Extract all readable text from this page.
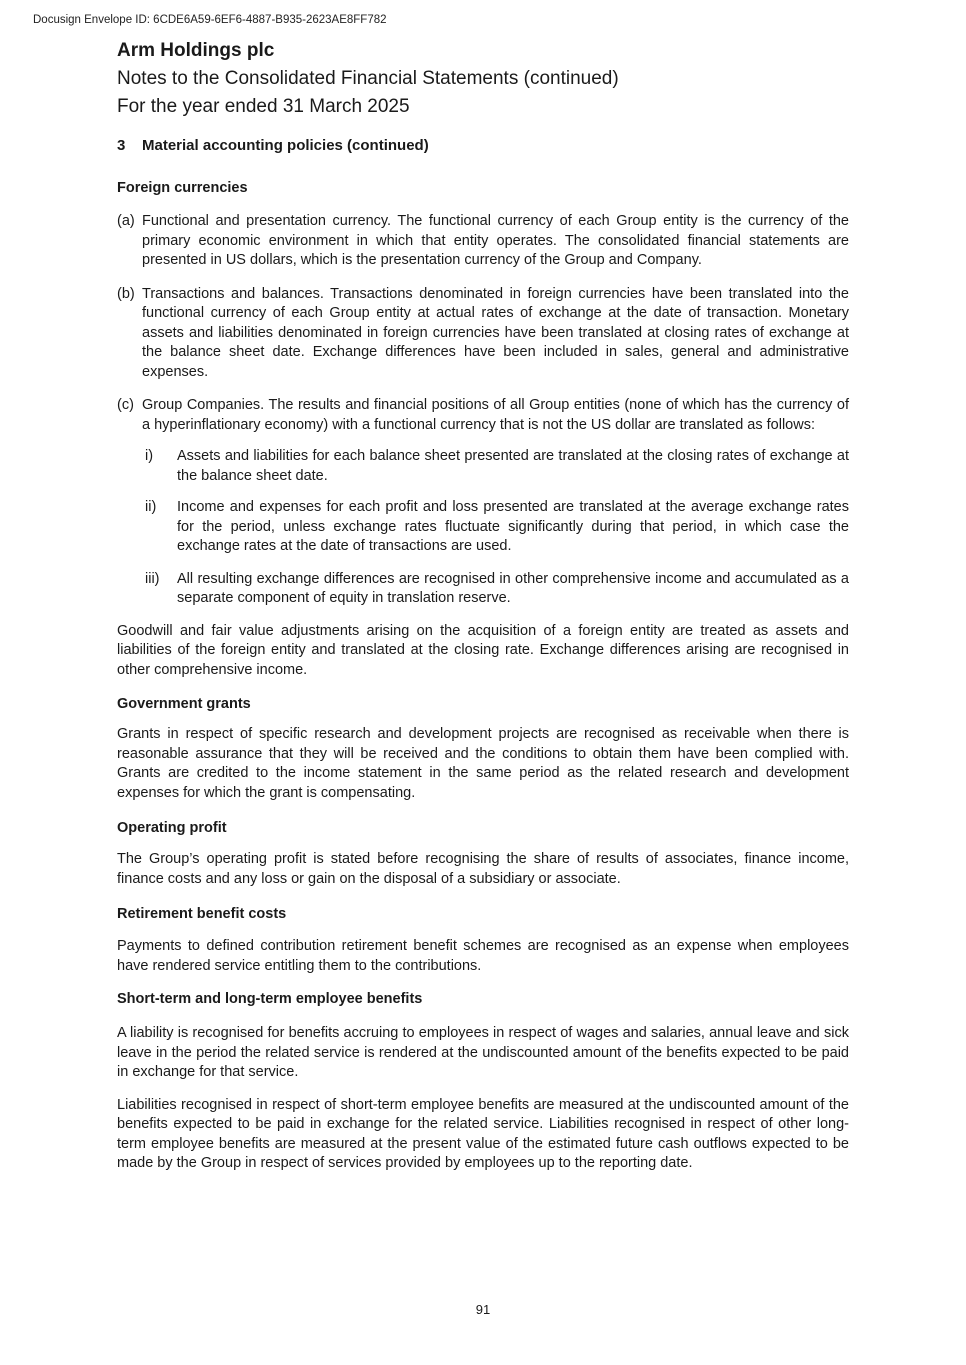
Docusign Envelope ID: 6CDE6A59-6EF6-4887-B935-2623AE8FF782
Arm Holdings plc
Notes to the Consolidated Financial Statements (continued)
For the year ended 31 March 2025
3	Material accounting policies (continued)
Foreign currencies
(a) Functional and presentation currency. The functional currency of each Group entity is the currency of the primary economic environment in which that entity operates. The consolidated financial statements are presented in US dollars, which is the presentation currency of the Group and Company.
(b) Transactions and balances. Transactions denominated in foreign currencies have been translated into the functional currency of each Group entity at actual rates of exchange at the date of transaction. Monetary assets and liabilities denominated in foreign currencies have been translated at closing rates of exchange at the balance sheet date. Exchange differences have been included in sales, general and administrative expenses.
(c) Group Companies. The results and financial positions of all Group entities (none of which has the currency of a hyperinflationary economy) with a functional currency that is not the US dollar are translated as follows:
i) Assets and liabilities for each balance sheet presented are translated at the closing rates of exchange at the balance sheet date.
ii) Income and expenses for each profit and loss presented are translated at the average exchange rates for the period, unless exchange rates fluctuate significantly during that period, in which case the exchange rates at the date of transactions are used.
iii) All resulting exchange differences are recognised in other comprehensive income and accumulated as a separate component of equity in translation reserve.
Goodwill and fair value adjustments arising on the acquisition of a foreign entity are treated as assets and liabilities of the foreign entity and translated at the closing rate. Exchange differences arising are recognised in other comprehensive income.
Government grants
Grants in respect of specific research and development projects are recognised as receivable when there is reasonable assurance that they will be received and the conditions to obtain them have been complied with. Grants are credited to the income statement in the same period as the related research and development expenses for which the grant is compensating.
Operating profit
The Group’s operating profit is stated before recognising the share of results of associates, finance income, finance costs and any loss or gain on the disposal of a subsidiary or associate.
Retirement benefit costs
Payments to defined contribution retirement benefit schemes are recognised as an expense when employees have rendered service entitling them to the contributions.
Short-term and long-term employee benefits
A liability is recognised for benefits accruing to employees in respect of wages and salaries, annual leave and sick leave in the period the related service is rendered at the undiscounted amount of the benefits expected to be paid in exchange for that service.
Liabilities recognised in respect of short-term employee benefits are measured at the undiscounted amount of the benefits expected to be paid in exchange for the related service. Liabilities recognised in respect of other long-term employee benefits are measured at the present value of the estimated future cash outflows expected to be made by the Group in respect of services provided by employees up to the reporting date.
91
